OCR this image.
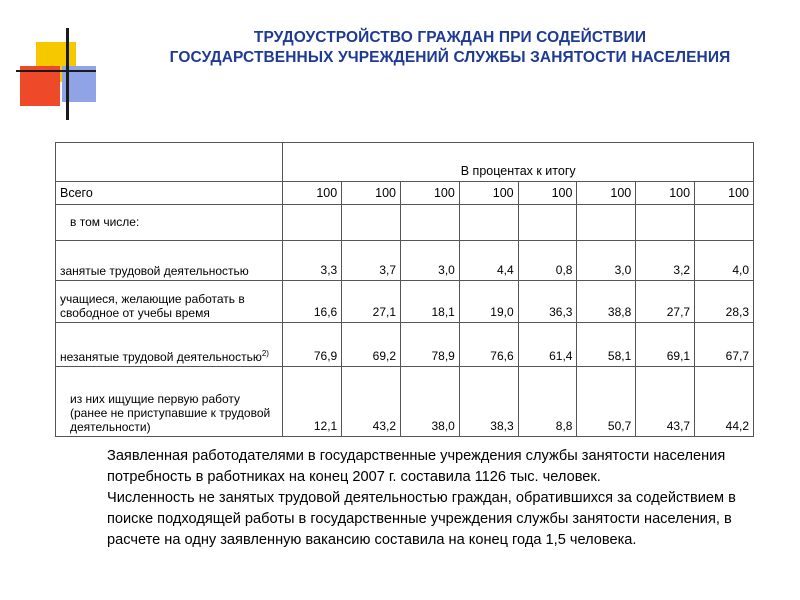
ТРУДОУСТРОЙСТВО ГРАЖДАН ПРИ СОДЕЙСТВИИ
ГОСУДАРСТВЕННЫХ УЧРЕЖДЕНИЙ СЛУЖБЫ ЗАНЯТОСТИ НАСЕЛЕНИЯ
	В процентах к итогу							
Всего	100	100	100	100	100	100	100	100
в том числе:								
занятые трудовой деятельностью	3,3	3,7	3,0	4,4	0,8	3,0	3,2	4,0
учащиеся, желающие работать в свободное от учебы время	16,6	27,1	18,1	19,0	36,3	38,8	27,7	28,3
незанятые трудовой деятельностью$^{2)}$	76,9	69,2	78,9	76,6	61,4	58,1	69,1	67,7
из них ищущие первую работу (ранее не приступавшие к трудовой деятельности)	12,1	43,2	38,0	38,3	8,8	50,7	43,7	44,2

Заявленная работодателями в государственные учреждения службы занятости населения потребность в работниках на конец 2007 г. составила 1126 тыс. человек.

Численность не занятых трудовой деятельностью граждан, обратившихся за содействием в поиске подходящей работы в государственные учреждения службы занятости населения, в расчете на одну заявленную вакансию составила на конец года 1,5 человека.
